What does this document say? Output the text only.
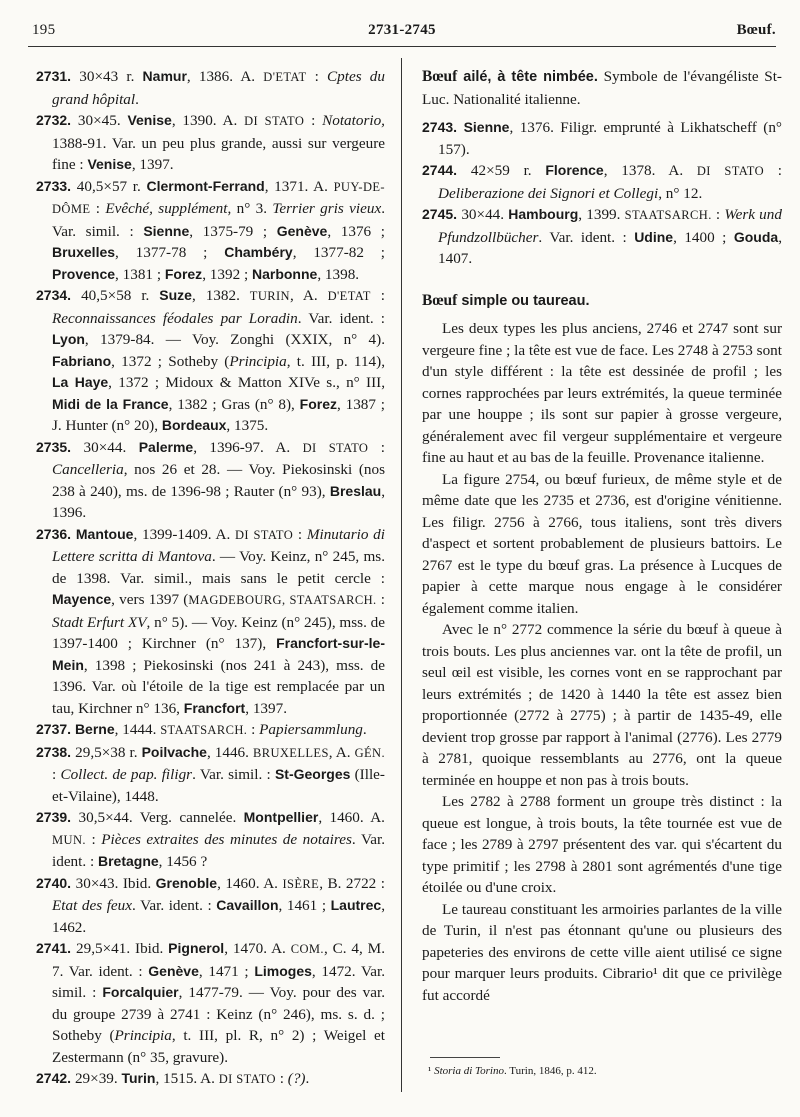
195	2731-2745	Bœuf.

2731. 30×43 r. Namur, 1386. A. D'ETAT : Cptes du grand hôpital.

2732. 30×45. Venise, 1390. A. DI STATO : Notatorio, 1388-91. Var. un peu plus grande, aussi sur vergeure fine : Venise, 1397.

2733. 40,5×57 r. Clermont-Ferrand, 1371. A. PUY-DE-DÔME : Evêché, supplément, n° 3. Terrier gris vieux. Var. simil. : Sienne, 1375-79 ; Genève, 1376 ; Bruxelles, 1377-78 ; Chambéry, 1377-82 ; Provence, 1381 ; Forez, 1392 ; Narbonne, 1398.

2734. 40,5×58 r. Suze, 1382. TURIN, A. D'ETAT : Reconnaissances féodales par Loradin. Var. ident. : Lyon, 1379-84. — Voy. Zonghi (XXIX, n° 4). Fabriano, 1372 ; Sotheby (Principia, t. III, p. 114), La Haye, 1372 ; Midoux & Matton XIVe s., n° III, Midi de la France, 1382 ; Gras (n° 8), Forez, 1387 ; J. Hunter (n° 20), Bordeaux, 1375.

2735. 30×44. Palerme, 1396-97. A. DI STATO : Cancelleria, nos 26 et 28. — Voy. Piekosinski (nos 238 à 240), ms. de 1396-98 ; Rauter (n° 93), Breslau, 1396.

2736. Mantoue, 1399-1409. A. DI STATO : Minutario di Lettere scritta di Mantova. — Voy. Keinz, n° 245, ms. de 1398. Var. simil., mais sans le petit cercle : Mayence, vers 1397 (MAGDEBOURG, STAATSARCH. : Stadt Erfurt XV, n° 5). — Voy. Keinz (n° 245), mss. de 1397-1400 ; Kirchner (n° 137), Francfort-sur-le-Mein, 1398 ; Piekosinski (nos 241 à 243), mss. de 1396. Var. où l'étoile de la tige est remplacée par un tau, Kirchner n° 136, Francfort, 1397.

2737. Berne, 1444. STAATSARCH. : Papiersammlung.

2738. 29,5×38 r. Poilvache, 1446. BRUXELLES, A. GÉN. : Collect. de pap. filigr. Var. simil. : St-Georges (Ille-et-Vilaine), 1448.

2739. 30,5×44. Verg. cannelée. Montpellier, 1460. A. MUN. : Pièces extraites des minutes de notaires. Var. ident. : Bretagne, 1456 ?

2740. 30×43. Ibid. Grenoble, 1460. A. ISÈRE, B. 2722 : Etat des feux. Var. ident. : Cavaillon, 1461 ; Lautrec, 1462.

2741. 29,5×41. Ibid. Pignerol, 1470. A. COM., C. 4, M. 7. Var. ident. : Genève, 1471 ; Limoges, 1472. Var. simil. : Forcalquier, 1477-79. — Voy. pour des var. du groupe 2739 à 2741 : Keinz (n° 246), ms. s. d. ; Sotheby (Principia, t. III, pl. R, n° 2) ; Weigel et Zestermann (n° 35, gravure).

2742. 29×39. Turin, 1515. A. DI STATO : (?).

Bœuf ailé, à tête nimbée. Symbole de l'évangéliste St-Luc. Nationalité italienne.

2743. Sienne, 1376. Filigr. emprunté à Likhatscheff (n° 157).

2744. 42×59 r. Florence, 1378. A. DI STATO : Deliberazione dei Signori et Collegi, n° 12.

2745. 30×44. Hambourg, 1399. STAATSARCH. : Werk und Pfundzollbücher. Var. ident. : Udine, 1400 ; Gouda, 1407.

Bœuf simple ou taureau.

Les deux types les plus anciens, 2746 et 2747 sont sur vergeure fine ; la tête est vue de face. Les 2748 à 2753 sont d'un style différent : la tête est dessinée de profil ; les cornes rapprochées par leurs extrémités, la queue terminée par une houppe ; ils sont sur papier à grosse vergeure, généralement avec fil vergeur supplémentaire et vergeure fine au haut et au bas de la feuille. Provenance italienne.

La figure 2754, ou bœuf furieux, de même style et de même date que les 2735 et 2736, est d'origine vénitienne. Les filigr. 2756 à 2766, tous italiens, sont très divers d'aspect et sortent probablement de plusieurs battoirs. Le 2767 est le type du bœuf gras. La présence à Lucques de papier à cette marque nous engage à le considérer également comme italien.

Avec le n° 2772 commence la série du bœuf à queue à trois bouts. Les plus anciennes var. ont la tête de profil, un seul œil est visible, les cornes vont en se rapprochant par leurs extrémités ; de 1420 à 1440 la tête est assez bien proportionnée (2772 à 2775) ; à partir de 1435-49, elle devient trop grosse par rapport à l'animal (2776). Les 2779 à 2781, quoique ressemblants au 2776, ont la queue terminée en houppe et non pas à trois bouts.

Les 2782 à 2788 forment un groupe très distinct : la queue est longue, à trois bouts, la tête tournée est vue de face ; les 2789 à 2797 présentent des var. qui s'écartent du type primitif ; les 2798 à 2801 sont agrémentés d'une tige étoilée ou d'une croix.

Le taureau constituant les armoiries parlantes de la ville de Turin, il n'est pas étonnant qu'une ou plusieurs des papeteries des environs de cette ville aient utilisé ce signe pour marquer leurs produits. Cibrario¹ dit que ce privilège fut accordé

¹ Storia di Torino. Turin, 1846, p. 412.
